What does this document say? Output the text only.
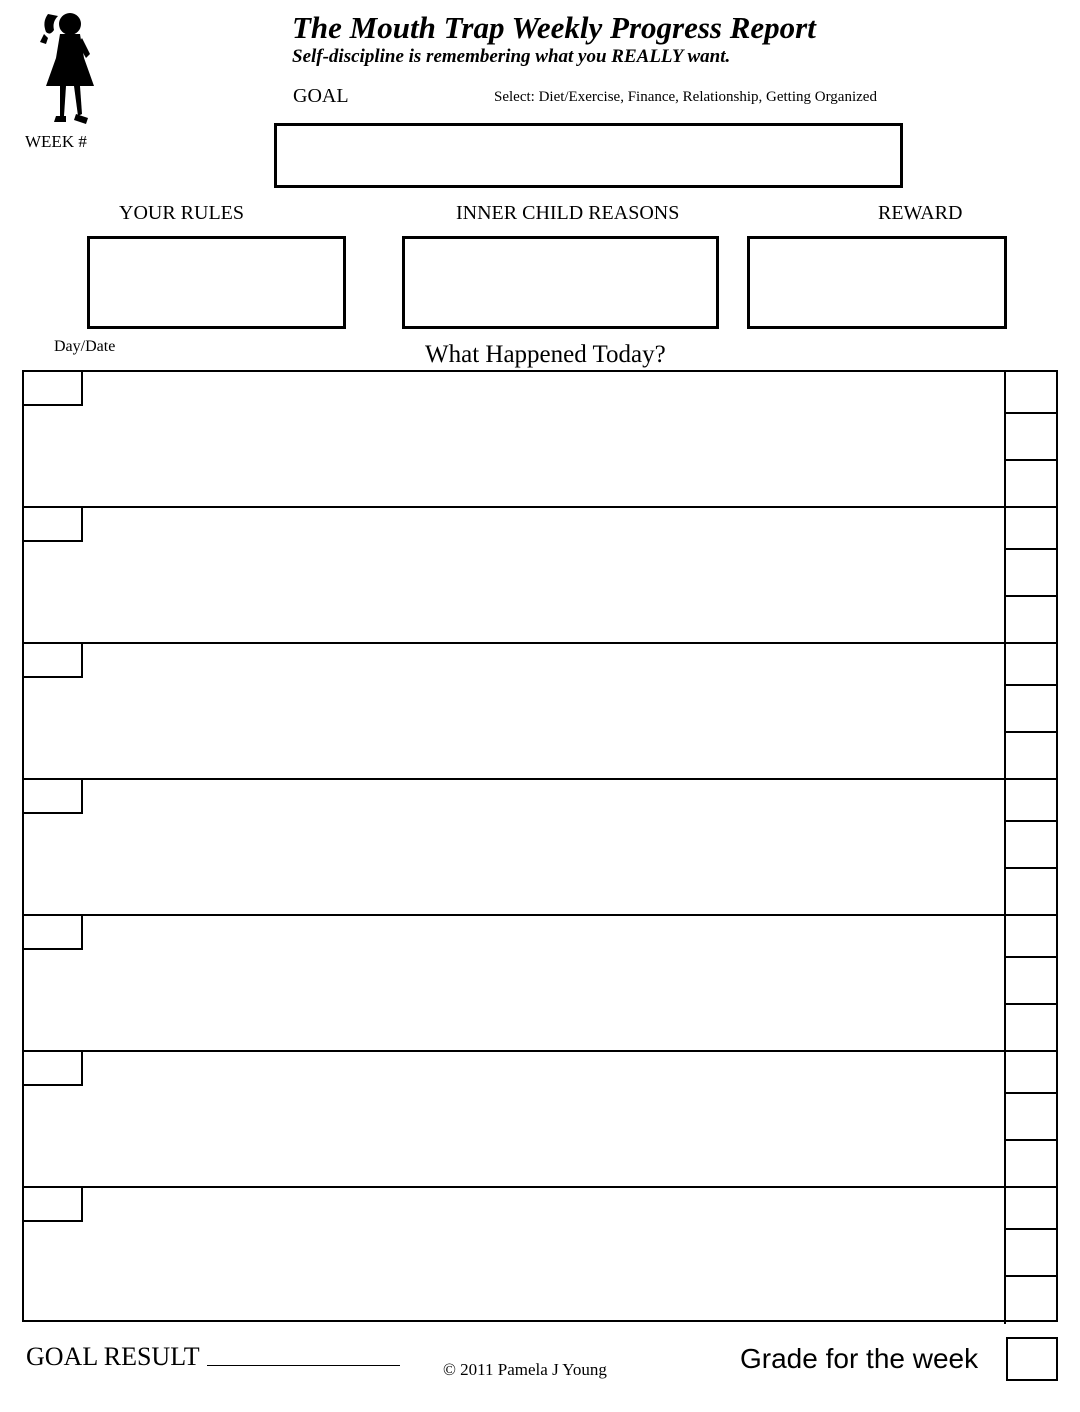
The Mouth Trap Weekly Progress Report
Self-discipline is remembering what you REALLY want.
GOAL	Select: Diet/Exercise, Finance, Relationship, Getting Organized
WEEK #
YOUR RULES	INNER CHILD REASONS	REWARD
Day/Date	What Happened Today?
GOAL RESULT	© 2011 Pamela J Young	Grade for the week
